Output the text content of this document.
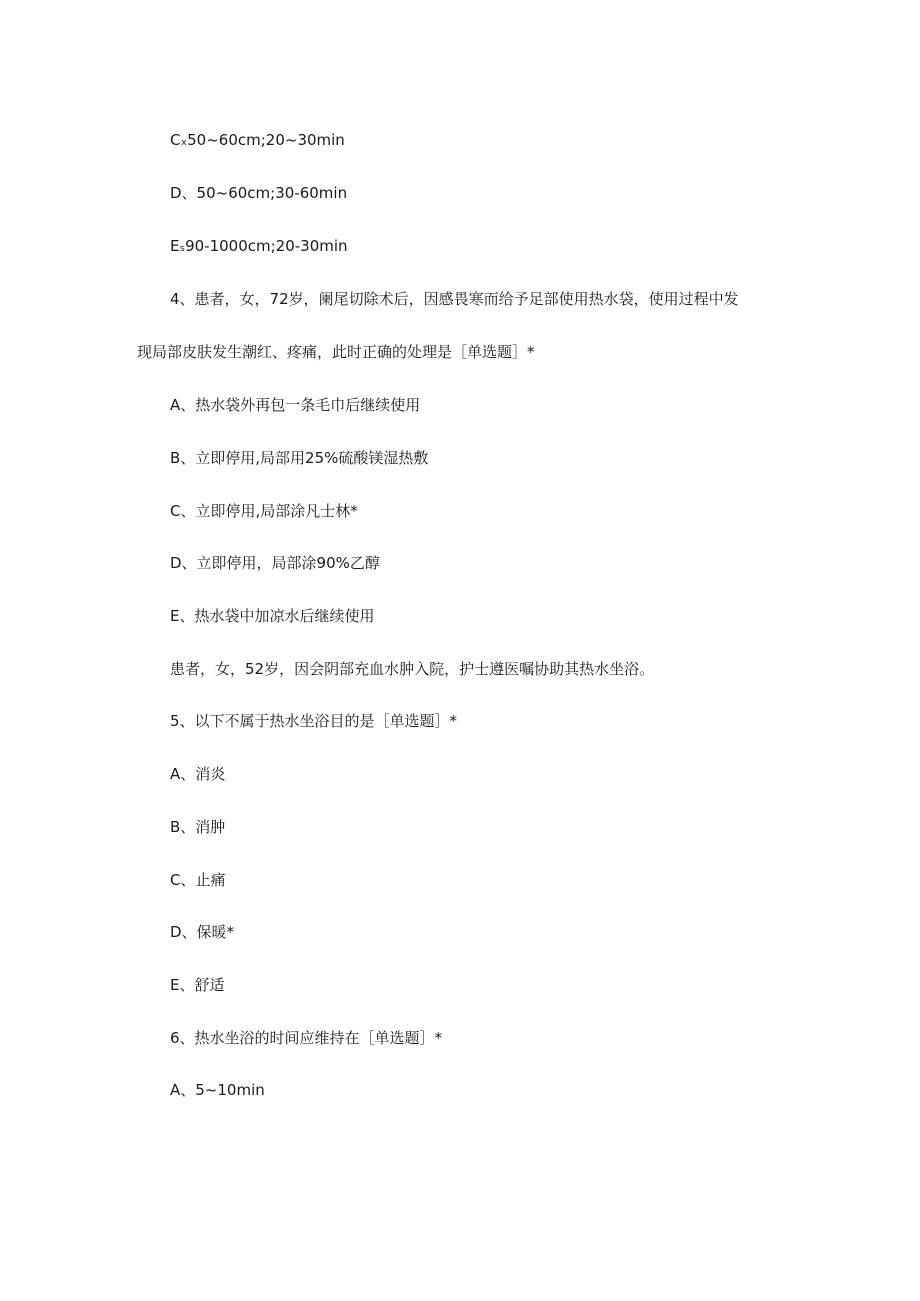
Cₓ50~60cm;20~30min
D、50~60cm;30-60min
Eₛ90-1000cm;20-30min
4、患者，女，72岁，阑尾切除术后，因感畏寒而给予足部使用热水袋，使用过程中发
现局部皮肤发生潮红、疼痛，此时正确的处理是［单选题］*
A、热水袋外再包一条毛巾后继续使用
B、立即停用,局部用25%硫酸镁湿热敷
C、立即停用,局部涂凡士林*
D、立即停用，局部涂90%乙醇
E、热水袋中加凉水后继续使用
患者，女，52岁，因会阴部充血水肿入院，护士遵医嘱协助其热水坐浴。
5、以下不属于热水坐浴目的是［单选题］*
A、消炎
B、消肿
C、止痛
D、保暖*
E、舒适
6、热水坐浴的时间应维持在［单选题］*
A、5~10min
